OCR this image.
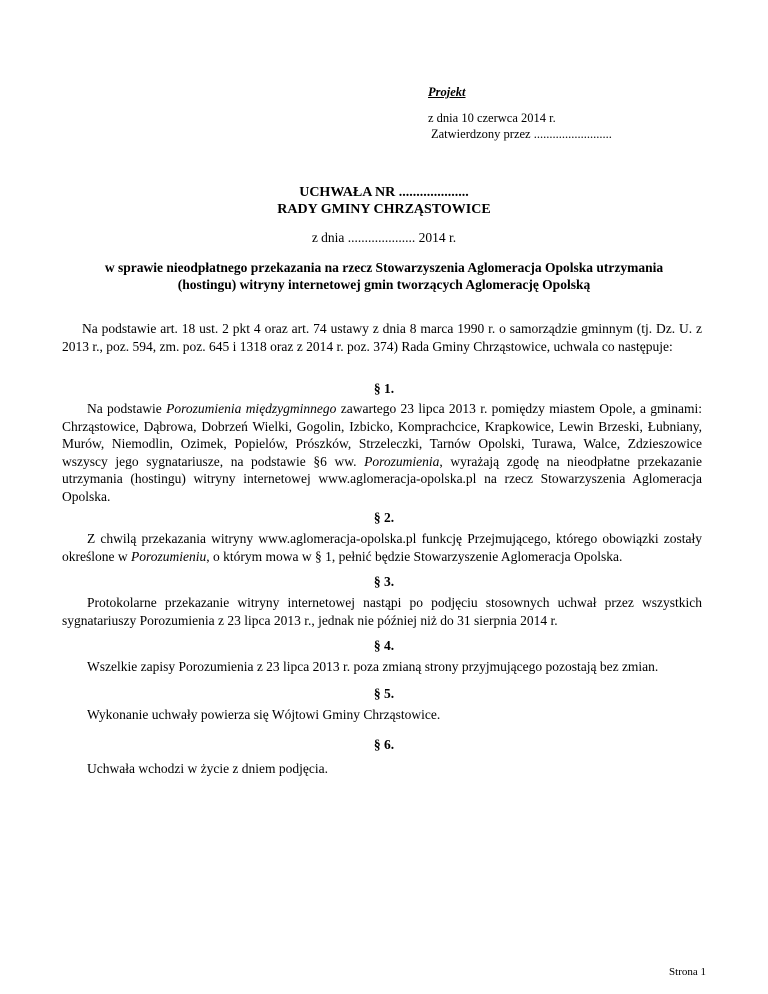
Projekt
z dnia 10 czerwca 2014 r.
Zatwierdzony przez .........................
UCHWAŁA NR ....................
RADY GMINY CHRZĄSTOWICE
z dnia .................... 2014 r.
w sprawie nieodpłatnego przekazania na rzecz Stowarzyszenia Aglomeracja Opolska utrzymania (hostingu) witryny internetowej gmin tworzących Aglomerację Opolską
Na podstawie art. 18 ust. 2 pkt 4 oraz art. 74 ustawy z dnia 8 marca 1990 r. o samorządzie gminnym (tj. Dz. U. z 2013 r., poz. 594, zm. poz. 645 i 1318 oraz z 2014 r. poz. 374) Rada Gminy Chrząstowice, uchwala co następuje:
§ 1.
Na podstawie Porozumienia międzygminnego zawartego 23 lipca 2013 r. pomiędzy miastem Opole, a gminami: Chrząstowice, Dąbrowa, Dobrzeń Wielki, Gogolin, Izbicko, Komprachcice, Krapkowice, Lewin Brzeski, Łubniany, Murów, Niemodlin, Ozimek, Popielów, Prószków, Strzeleczki, Tarnów Opolski, Turawa, Walce, Zdzieszowice wszyscy jego sygnatariusze, na podstawie §6 ww. Porozumienia, wyrażają zgodę na nieodpłatne przekazanie utrzymania (hostingu) witryny internetowej www.aglomeracja-opolska.pl na rzecz Stowarzyszenia Aglomeracja Opolska.
§ 2.
Z chwilą przekazania witryny www.aglomeracja-opolska.pl funkcję Przejmującego, którego obowiązki zostały określone w Porozumieniu, o którym mowa w § 1, pełnić będzie Stowarzyszenie Aglomeracja Opolska.
§ 3.
Protokolarne przekazanie witryny internetowej nastąpi po podjęciu stosownych uchwał przez wszystkich sygnatariuszy Porozumienia z 23 lipca 2013 r., jednak nie później niż do 31 sierpnia 2014 r.
§ 4.
Wszelkie zapisy Porozumienia z 23 lipca 2013 r. poza zmianą strony przyjmującego pozostają bez zmian.
§ 5.
Wykonanie uchwały powierza się Wójtowi Gminy Chrząstowice.
§ 6.
Uchwała wchodzi w życie z dniem podjęcia.
Strona 1
